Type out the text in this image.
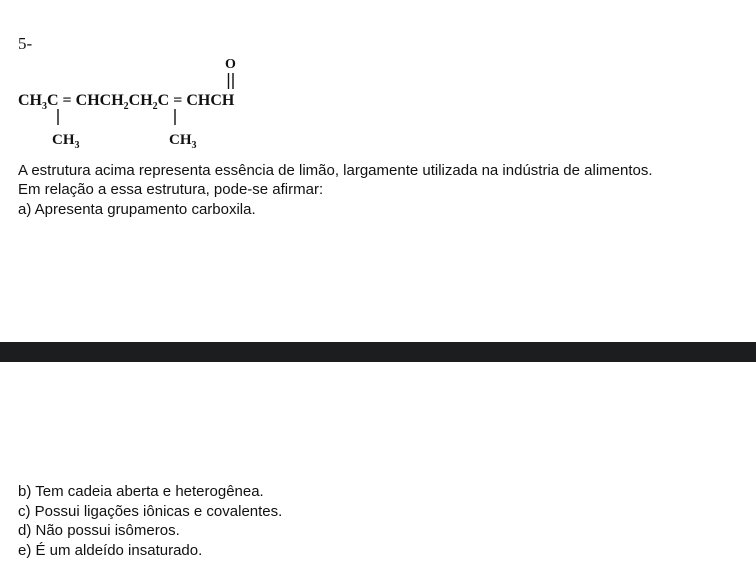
5-
$CH_3C$ = $CHCH_2CH_2C$ = CHCH
O
$CH_3$	$CH_3$
A estrutura acima representa essência de limão, largamente utilizada na indústria de alimentos.
Em relação a essa estrutura, pode-se afirmar:
a) Apresenta grupamento carboxila.
b) Tem cadeia aberta e heterogênea.
c) Possui ligações iônicas e covalentes.
d) Não possui isômeros.
e) É um aldeído insaturado.
